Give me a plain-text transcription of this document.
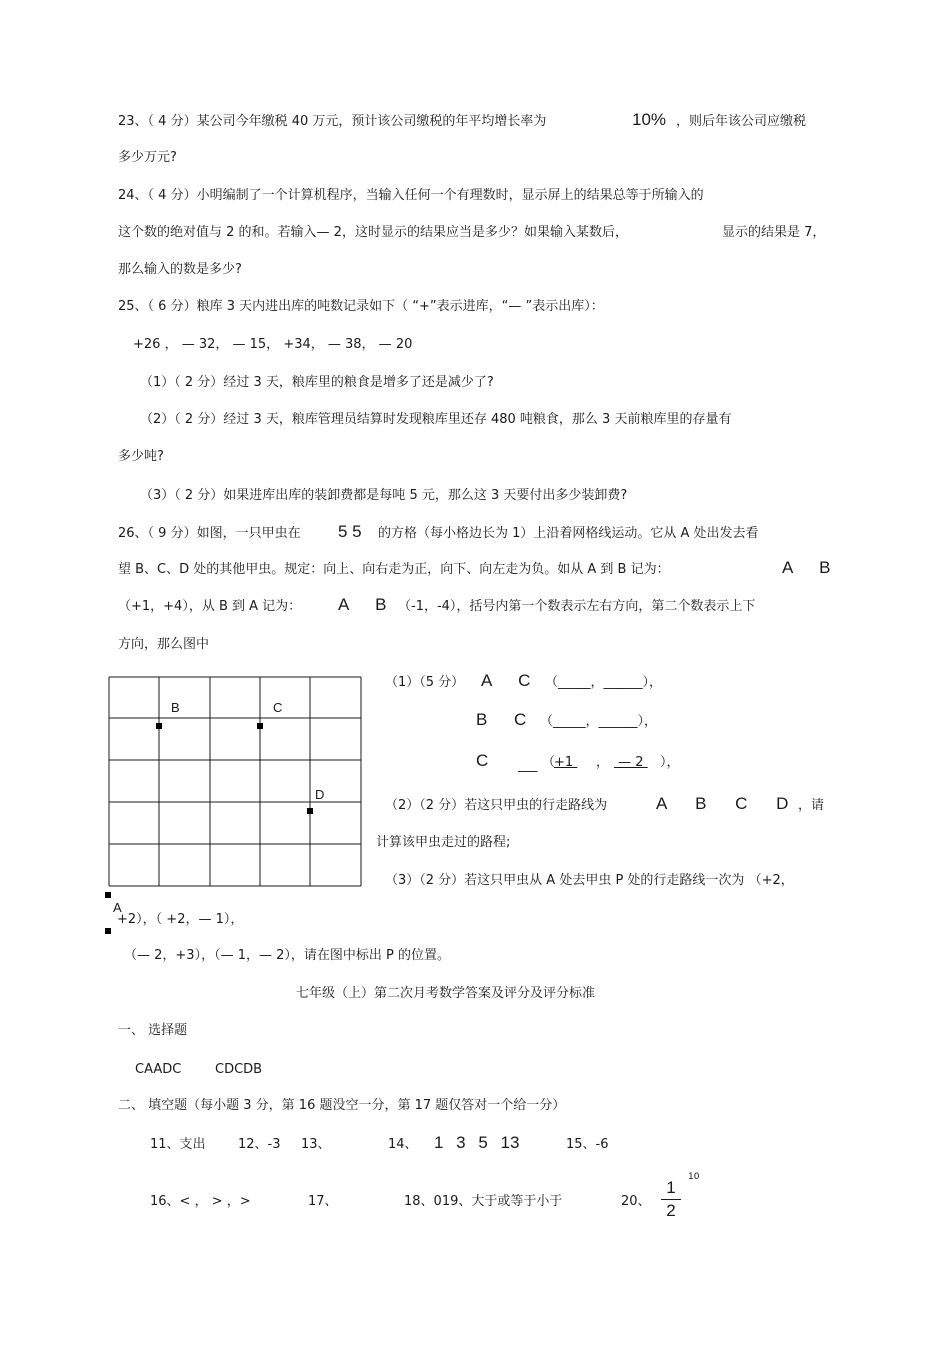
23、（ 4 分）某公司今年缴税 40 万元，预计该公司缴税的年平均增长率为	10% ，则后年该公司应缴税
多少万元?
24、（ 4 分）小明编制了一个计算机程序，当输入任何一个有理数时，显示屏上的结果总等于所输入的
这个数的绝对值与 2 的和。若输入— 2，这时显示的结果应当是多少？如果输入某数后，	显示的结果是 7，
那么输入的数是多少?
25、（ 6 分）粮库 3 天内进出库的吨数记录如下（ “+”表示进库，“— ”表示出库）：
+26 ， — 32， — 15， +34， — 38， — 20
（1）（ 2 分）经过 3 天，粮库里的粮食是增多了还是减少了?
（2）（ 2 分）经过 3 天，粮库管理员结算时发现粮库里还存 480 吨粮食，那么 3 天前粮库里的存量有
多少吨?
（3）（ 2 分）如果进库出库的装卸费都是每吨 5 元，那么这 3 天要付出多少装卸费?
26、（ 9 分）如图，一只甲虫在 5 5 的方格（每小格边长为 1）上沿着网格线运动。它从 A 处出发去看
望 B、C、D 处的其他甲虫。规定：向上、向右走为正，向下、向左走为负。如从 A 到 B 记为：	A B
（+1，+4），从 B 到 A 记为： A B （-1，-4），括号内第一个数表示左右方向，第二个数表示上下
方向，那么图中
B	C
D
A
（1）（5 分） A C （_____，______），
B C （_____，______），
C ___ （
+1 ， — 2 ），
（2）（2 分）若这只甲虫的行走路线为	A B C D ，请
计算该甲虫走过的路程;
（3）（2 分）若这只甲虫从 A 处去甲虫 P 处的行走路线一次为 （+2，
+2），（ +2，— 1），
（— 2，+3），（— 1，— 2），请在图中标出 P 的位置。
七年级（上）第二次月考数学答案及评分及评分标准
一、 选择题
CAADC	CDCDB
二、 填空题（每小题 3 分，第 16 题没空一分，第 17 题仅答对一个给一分）
11、支出 12、-3 13、	14、 1 3 5 13	15、-6
16、< ， > ，>	17、	18、019、大于或等于小于	20、
1
2
10
